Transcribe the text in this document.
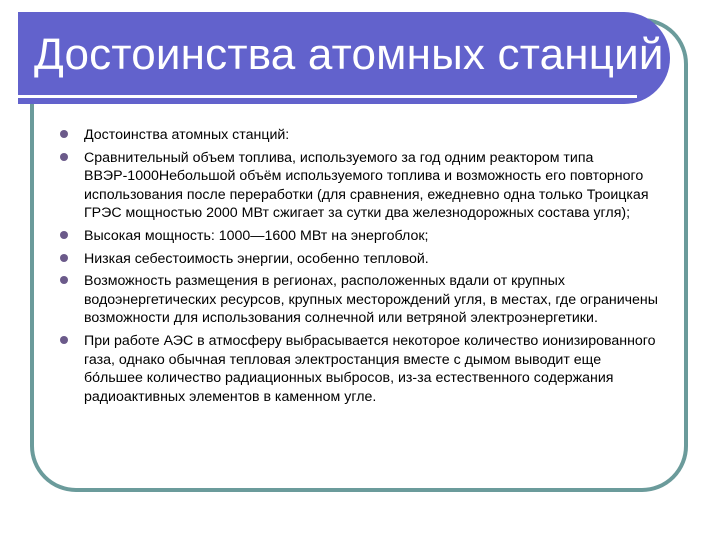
Достоинства атомных станций
Достоинства атомных станций:
Сравнительный объем топлива, используемого за год одним реактором типа ВВЭР-1000Небольшой объём используемого топлива и возможность его повторного использования после переработки (для сравнения, ежедневно одна только Троицкая ГРЭС мощностью 2000 МВт сжигает за сутки два железнодорожных состава угля);
Высокая мощность: 1000—1600 МВт на энергоблок;
Низкая себестоимость энергии, особенно тепловой.
Возможность размещения в регионах, расположенных вдали от крупных водоэнергетических ресурсов, крупных месторождений угля, в местах, где ограничены возможности для использования солнечной или ветряной электроэнергетики.
При работе АЭС в атмосферу выбрасывается некоторое количество ионизированного газа, однако обычная тепловая электростанция вместе с дымом выводит еще бо́льшее количество радиационных выбросов, из-за естественного содержания радиоактивных элементов в каменном угле.
